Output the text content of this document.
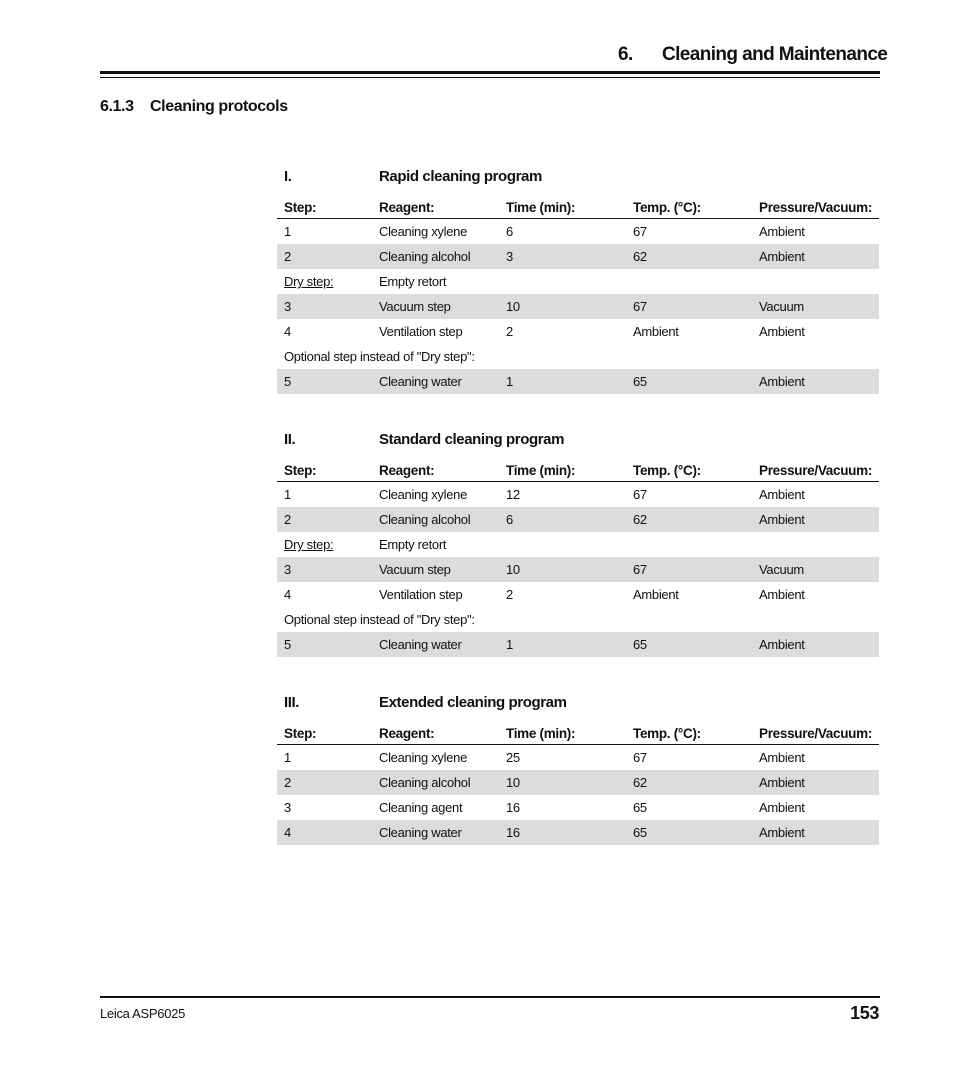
6. Cleaning and Maintenance
6.1.3 Cleaning protocols
I.	Rapid cleaning program
Step:	Reagent:	Time (min):	Temp. (°C):	Pressure/Vacuum:
1	Cleaning xylene	6	67	Ambient
2	Cleaning alcohol	3	62	Ambient
Dry step:	Empty retort
3	Vacuum step	10	67	Vacuum
4	Ventilation step	2	Ambient	Ambient
Optional step instead of "Dry step":
5	Cleaning water	1	65	Ambient
II.	Standard cleaning program
Step:	Reagent:	Time (min):	Temp. (°C):	Pressure/Vacuum:
1	Cleaning xylene	12	67	Ambient
2	Cleaning alcohol	6	62	Ambient
Dry step:	Empty retort
3	Vacuum step	10	67	Vacuum
4	Ventilation step	2	Ambient	Ambient
Optional step instead of "Dry step":
5	Cleaning water	1	65	Ambient
III.	Extended cleaning program
Step:	Reagent:	Time (min):	Temp. (°C):	Pressure/Vacuum:
1	Cleaning xylene	25	67	Ambient
2	Cleaning alcohol	10	62	Ambient
3	Cleaning agent	16	65	Ambient
4	Cleaning water	16	65	Ambient
Leica ASP6025	153
